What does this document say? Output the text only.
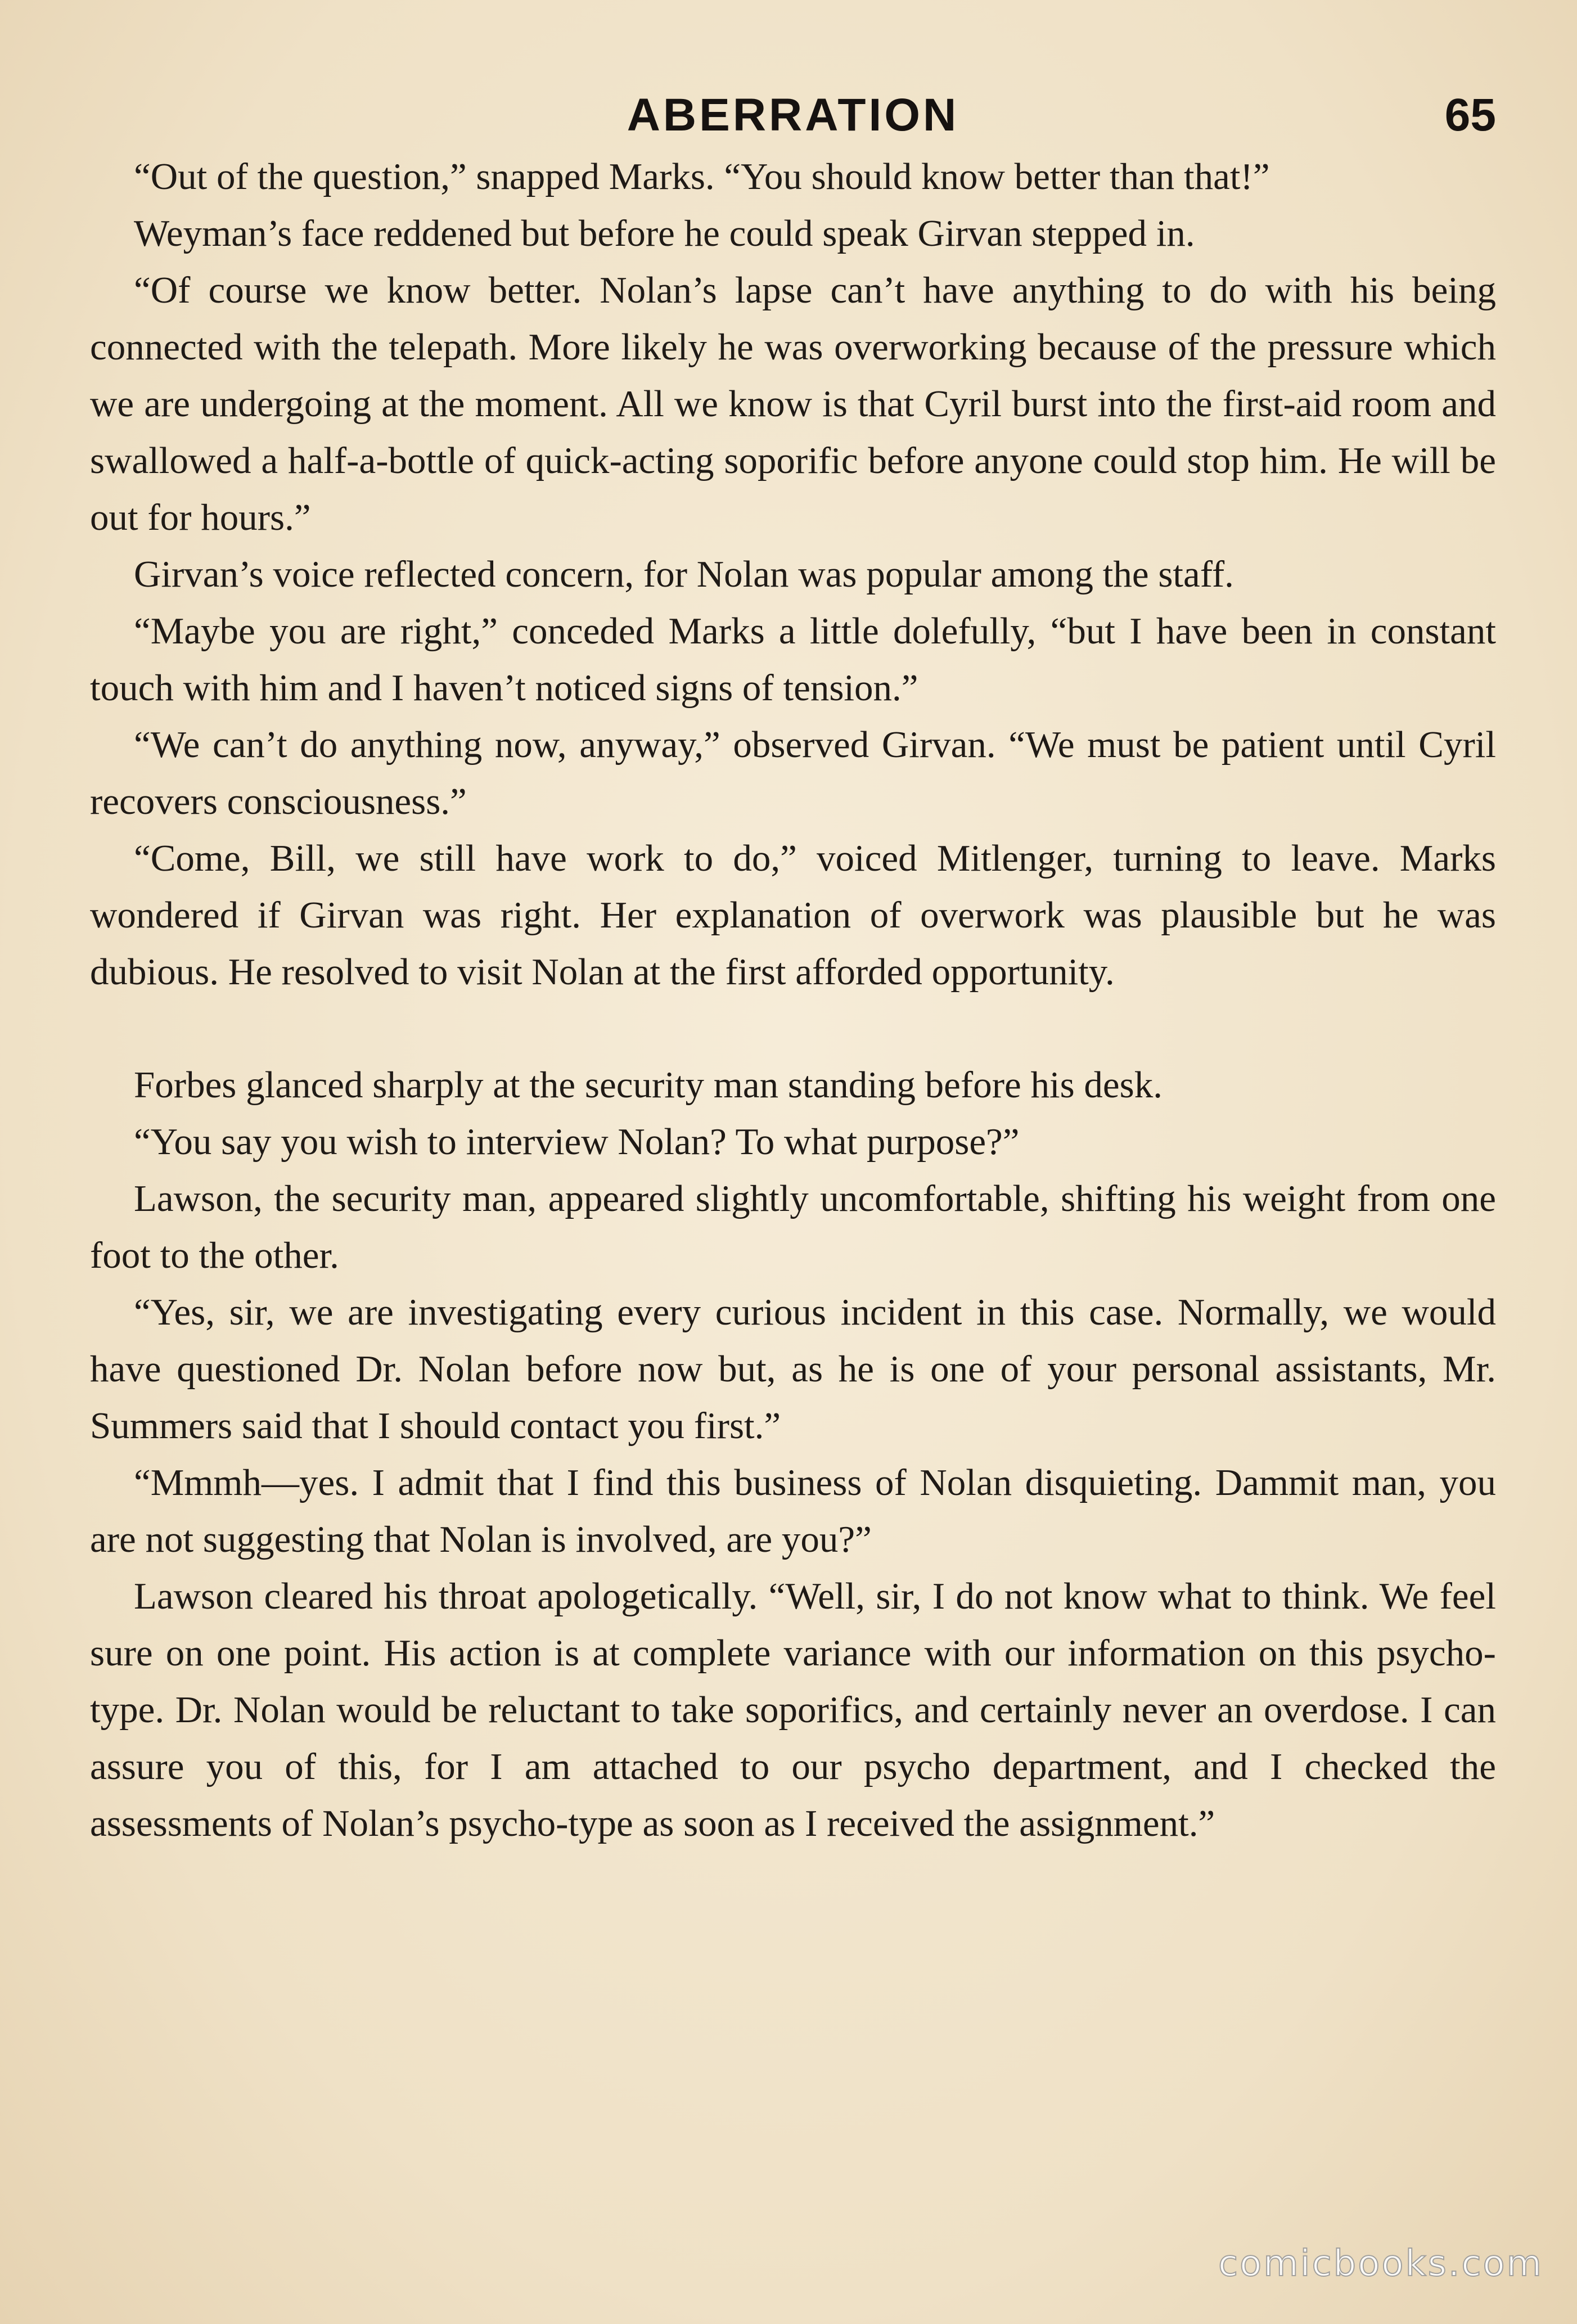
ABERRATION	65

“Out of the question,” snapped Marks. “You should know better than that!”

Weyman’s face reddened but before he could speak Girvan stepped in.

“Of course we know better. Nolan’s lapse can’t have anything to do with his being connected with the telepath. More likely he was overworking because of the pressure which we are undergoing at the moment. All we know is that Cyril burst into the first-aid room and swallowed a half-a-bottle of quick-acting soporific before anyone could stop him. He will be out for hours.”

Girvan’s voice reflected concern, for Nolan was popular among the staff.

“Maybe you are right,” conceded Marks a little dolefully, “but I have been in constant touch with him and I haven’t noticed signs of tension.”

“We can’t do anything now, anyway,” observed Girvan. “We must be patient until Cyril recovers consciousness.”

“Come, Bill, we still have work to do,” voiced Mitlenger, turning to leave. Marks wondered if Girvan was right. Her explanation of overwork was plausible but he was dubious. He resolved to visit Nolan at the first afforded opportunity.

Forbes glanced sharply at the security man standing before his desk.

“You say you wish to interview Nolan? To what purpose?”

Lawson, the security man, appeared slightly uncomfortable, shifting his weight from one foot to the other.

“Yes, sir, we are investigating every curious incident in this case. Normally, we would have questioned Dr. Nolan before now but, as he is one of your personal assistants, Mr. Summers said that I should contact you first.”

“Mmmh—yes. I admit that I find this business of Nolan disquieting. Dammit man, you are not suggesting that Nolan is involved, are you?”

Lawson cleared his throat apologetically. “Well, sir, I do not know what to think. We feel sure on one point. His action is at complete variance with our information on this psycho-type. Dr. Nolan would be reluctant to take soporifics, and certainly never an overdose. I can assure you of this, for I am attached to our psycho department, and I checked the assessments of Nolan’s psycho-type as soon as I received the assignment.”

comicbooks.com
